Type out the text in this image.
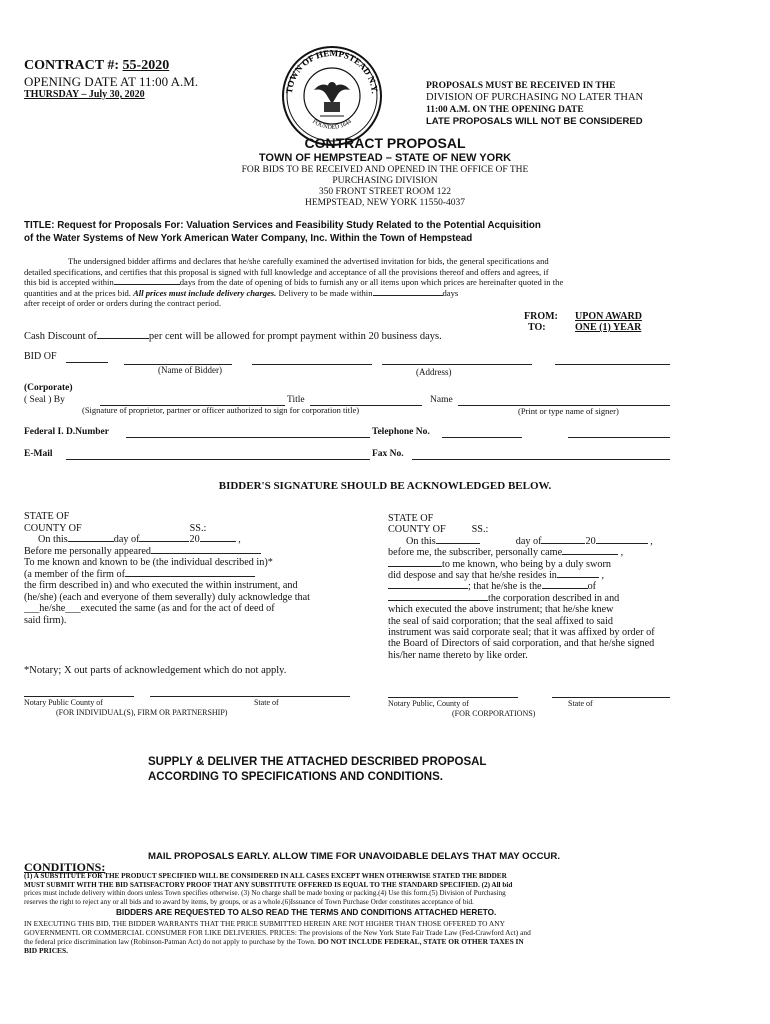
CONTRACT #: 55-2020
OPENING DATE AT 11:00 A.M.
THURSDAY – July 30, 2020	TOWN OF HEMPSTEAD N.Y.
FOUNDED 1644
PROPOSALS MUST BE RECEIVED IN THE
DIVISION OF PURCHASING NO LATER THAN
11:00 A.M. ON THE OPENING DATE
LATE PROPOSALS WILL NOT BE CONSIDERED
CONTRACT PROPOSAL
TOWN OF HEMPSTEAD – STATE OF NEW YORK
FOR BIDS TO BE RECEIVED AND OPENED IN THE OFFICE OF THE
PURCHASING DIVISION
350 FRONT STREET ROOM 122
HEMPSTEAD, NEW YORK 11550-4037
TITLE: Request for Proposals For: Valuation Services and Feasibility Study Related to the Potential Acquisition
of the Water Systems of New York American Water Company, Inc. Within the Town of Hempstead
The undersigned bidder affirms and declares that he/she carefully examined the advertised invitation for bids, the general specifications and
detailed specifications, and certifies that this proposal is signed with full knowledge and acceptance of all the provisions thereof and offers and agrees, if
this bid is accepted within	days from the date of opening of bids to furnish any or all items upon which prices are hereinafter quoted in the
quantities and at the prices bid. All prices must include delivery charges. Delivery to be made within	days
after receipt of order or orders during the contract period.
FROM: UPON AWARD
TO:	ONE (1) YEAR
Cash Discount of	per cent will be allowed for prompt payment within 20 business days.
BID OF
(Name of Bidder)	(Address)
(Corporate)
( Seal ) By	Title	Name
(Signature of proprietor, partner or officer authorized to sign for corporation title)	(Print or type name of signer)
Federal I. D.Number	Telephone No.
E-Mail	Fax No.
BIDDER'S SIGNATURE SHOULD BE ACKNOWLEDGED BELOW.
STATE OF
COUNTY OF	SS.:
On this	day of	20	,
Before me personally appeared
To me known and known to be (the individual described in)*
(a member of the firm of
the firm described in) and who executed the within instrument, and
(he/she) (each and everyone of them severally) duly acknowledge that
___he/she___executed the same (as and for the act of deed of
said firm).
STATE OF
COUNTY OF	SS.:
On this	day of	20	,
before me, the subscriber, personally came	,
to me known, who being by a duly sworn
did despose and say that he/she resides in	,
; that he/she is the	of
the corporation described in and
which executed the above instrument; that he/she knew
the seal of said corporation; that the seal affixed to said
instrument was said corporate seal; that it was affixed by order of
the Board of Directors of said corporation, and that he/she signed
his/her name thereto by like order.
*Notary; X out parts of acknowledgement which do not apply.
Notary Public County of	State of
(FOR INDIVIDUAL(S), FIRM OR PARTNERSHIP)
Notary Public, County of	State of
(FOR CORPORATIONS)
SUPPLY & DELIVER THE ATTACHED DESCRIBED PROPOSAL
ACCORDING TO SPECIFICATIONS AND CONDITIONS.
MAIL PROPOSALS EARLY. ALLOW TIME FOR UNAVOIDABLE DELAYS THAT MAY OCCUR.
CONDITIONS:
(1) A SUBSTITUTE FOR THE PRODUCT SPECIFIED WILL BE CONSIDERED IN ALL CASES EXCEPT WHEN OTHERWISE STATED THE BIDDER
MUST SUBMIT WITH THE BID SATISFACTORY PROOF THAT ANY SUBSTITUTE OFFERED IS EQUAL TO THE STANDARD SPECIFIED. (2) All bid
prices must include delivery within doors unless Town specifies otherwise. (3) No charge shall be made boxing or packing.(4) Use this form.(5) Division of Purchasing
reserves the right to reject any or all bids and to award by items, by groups, or as a whole.(6)Issuance of Town Purchase Order constitutes acceptance of bid.
BIDDERS ARE REQUESTED TO ALSO READ THE TERMS AND CONDITIONS ATTACHED HERETO.
IN EXECUTING THIS BID, THE BIDDER WARRANTS THAT THE PRICE SUBMITTED HEREIN ARE NOT HIGHER THAN THOSE OFFERED TO ANY
GOVERNMENTL OR COMMERCIAL CONSUMER FOR LIKE DELIVERIES. PRICES: The provisions of the New York State Fair Trade Law (Fed-Crawford Act) and
the federal price discrimination law (Robinson-Patman Act) do not apply to purchase by the Town. DO NOT INCLUDE FEDERAL, STATE OR OTHER TAXES IN
BID PRICES.
